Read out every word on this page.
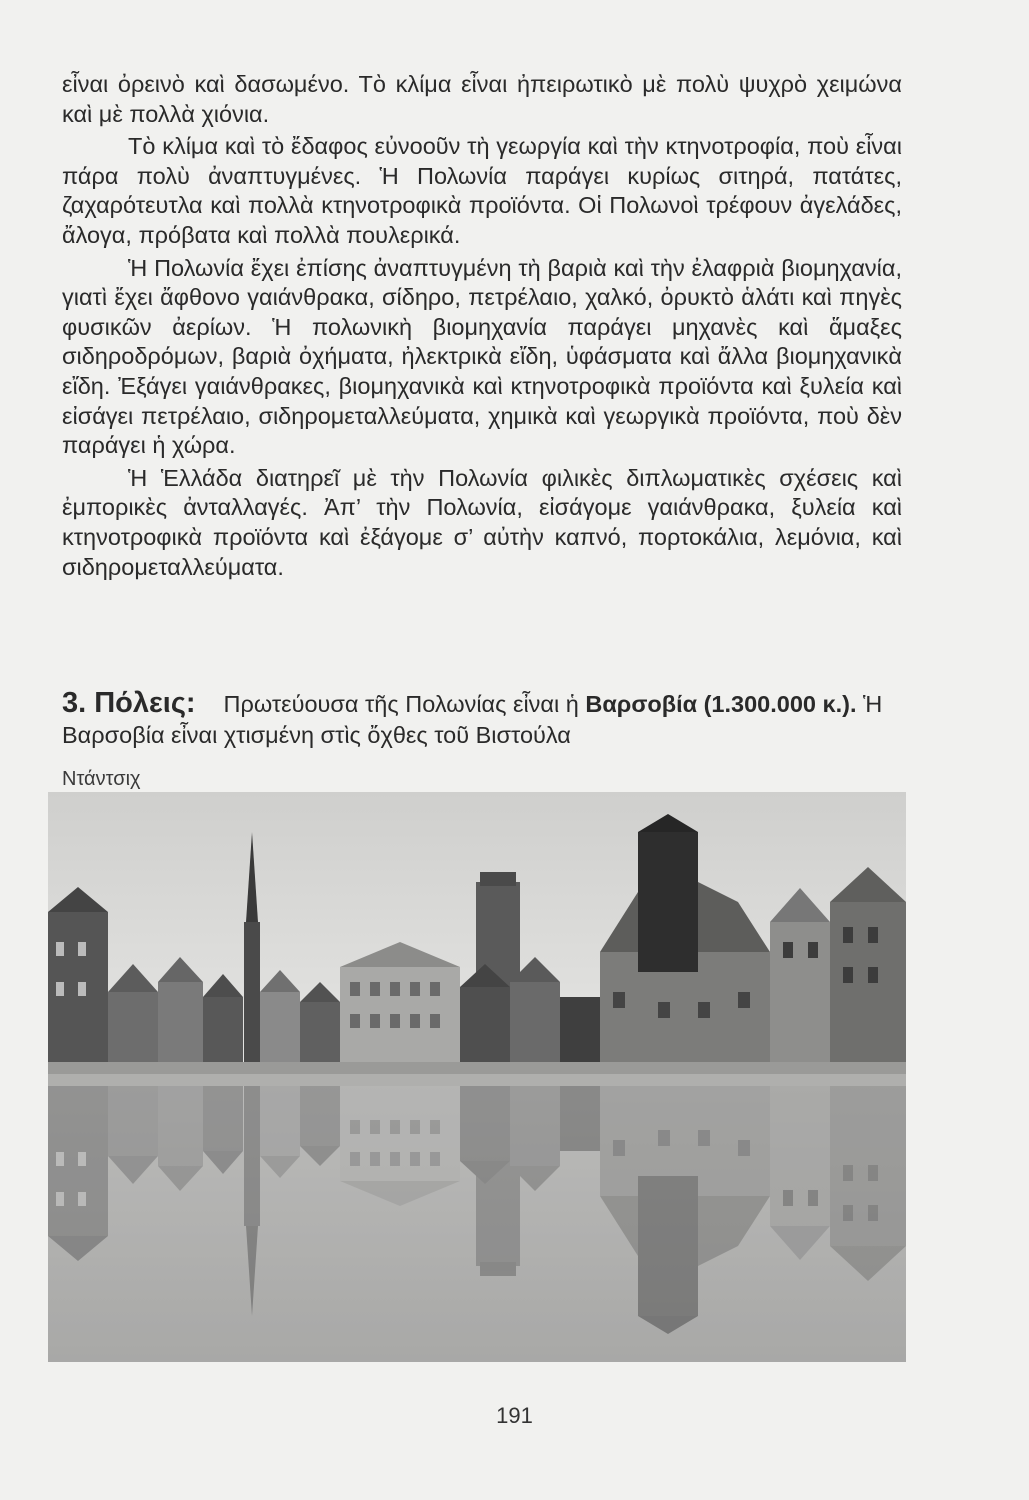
εἶναι ὀρεινὸ καὶ δασωμένο. Τὸ κλίμα εἶναι ἠπειρωτικὸ μὲ πολὺ ψυχρὸ χειμώνα καὶ μὲ πολλὰ χιόνια.

Τὸ κλίμα καὶ τὸ ἔδαφος εὐνοοῦν τὴ γεωργία καὶ τὴν κτηνοτροφία, ποὺ εἶναι πάρα πολὺ ἀναπτυγμένες. Ἡ Πολωνία παράγει κυρίως σιτηρά, πατάτες, ζαχαρότευτλα καὶ πολλὰ κτηνοτροφικὰ προϊόντα. Οἱ Πολωνοὶ τρέφουν ἀγελάδες, ἄλογα, πρόβατα καὶ πολλὰ πουλερικά.

Ἡ Πολωνία ἔχει ἐπίσης ἀναπτυγμένη τὴ βαριὰ καὶ τὴν ἐλαφριὰ βιομηχανία, γιατὶ ἔχει ἄφθονο γαιάνθρακα, σίδηρο, πετρέλαιο, χαλκό, ὀρυκτὸ ἁλάτι καὶ πηγὲς φυσικῶν ἀερίων. Ἡ πολωνικὴ βιομηχανία παράγει μηχανὲς καὶ ἅμαξες σιδηροδρόμων, βαριὰ ὀχήματα, ἠλεκτρικὰ εἴδη, ὑφάσματα καὶ ἄλλα βιομηχανικὰ εἴδη. Ἐξάγει γαιάνθρακες, βιομηχανικὰ καὶ κτηνοτροφικὰ προϊόντα καὶ ξυλεία καὶ εἰσάγει πετρέλαιο, σιδηρομεταλλεύματα, χημικὰ καὶ γεωργικὰ προϊόντα, ποὺ δὲν παράγει ἡ χώρα.

Ἡ Ἑλλάδα διατηρεῖ μὲ τὴν Πολωνία φιλικὲς διπλωματικὲς σχέσεις καὶ ἐμπορικὲς ἀνταλλαγές. Ἀπ’ τὴν Πολωνία, εἰσάγομε γαιάνθρακα, ξυλεία καὶ κτηνοτροφικὰ προϊόντα καὶ ἐξάγομε σ’ αὐτὴν καπνό, πορτοκάλια, λεμόνια, καὶ σιδηρομεταλλεύματα.

3. Πόλεις: Πρωτεύουσα τῆς Πολωνίας εἶναι ἡ Βαρσοβία (1.300.000 κ.). Ἡ Βαρσοβία εἶναι χτισμένη στὶς ὄχθες τοῦ Βιστούλα
Ντάντσιχ
191
